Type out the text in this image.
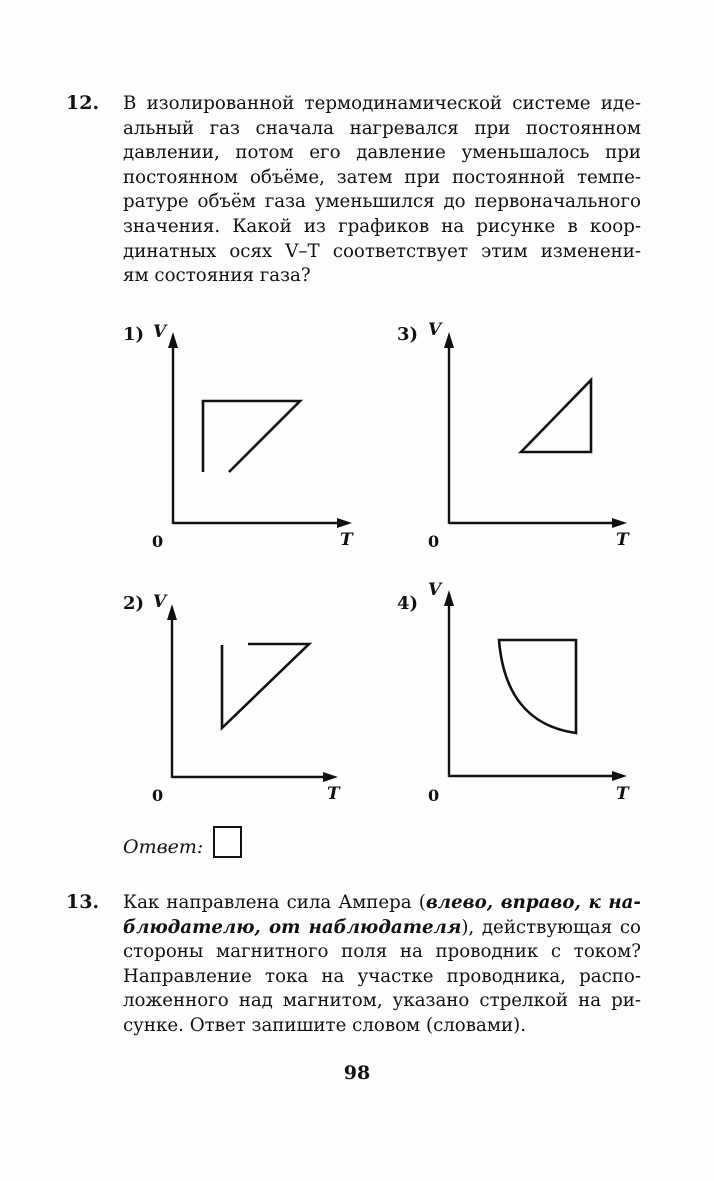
12. В изолированной термодинамической системе иде-
альный газ сначала нагревался при постоянном
давлении, потом его давление уменьшалось при
постоянном объёме, затем при постоянной темпе-
ратуре объём газа уменьшился до первоначального
значения. Какой из графиков на рисунке в коор-
динатных осях V–T соответствует этим изменени-
ям состояния газа?
1) V
0	T
3) V
0	T
2) V
0	T
4)
V
0	T
Ответ:
13. Как направлена сила Ампера (влево, вправо, к на-
блюдателю, от наблюдателя), действующая со
стороны магнитного поля на проводник с током?
Направление тока на участке проводника, распо-
ложенного над магнитом, указано стрелкой на ри-
сунке. Ответ запишите словом (словами).
98
